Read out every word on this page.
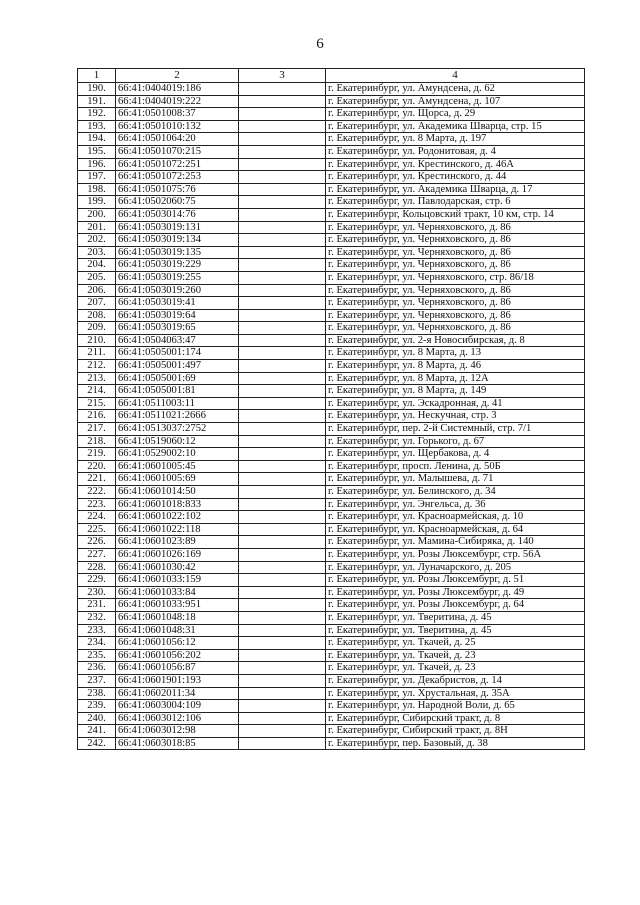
6
1	2	3	4
190.	66:41:0404019:186		г. Екатеринбург, ул. Амундсена, д. 62
191.	66:41:0404019:222		г. Екатеринбург, ул. Амундсена, д. 107
192.	66:41:0501008:37		г. Екатеринбург, ул. Щорса, д. 29
193.	66:41:0501010:132		г. Екатеринбург, ул. Академика Шварца, стр. 15
194.	66:41:0501064:20		г. Екатеринбург, ул. 8 Марта, д. 197
195.	66:41:0501070:215		г. Екатеринбург, ул. Родонитовая, д. 4
196.	66:41:0501072:251		г. Екатеринбург, ул. Крестинского, д. 46А
197.	66:41:0501072:253		г. Екатеринбург, ул. Крестинского, д. 44
198.	66:41:0501075:76		г. Екатеринбург, ул. Академика Шварца, д. 17
199.	66:41:0502060:75		г. Екатеринбург, ул. Павлодарская, стр. 6
200.	66:41:0503014:76		г. Екатеринбург, Кольцовский тракт, 10 км, стр. 14
201.	66:41:0503019:131		г. Екатеринбург, ул. Черняховского, д. 86
202.	66:41:0503019:134		г. Екатеринбург, ул. Черняховского, д. 86
203.	66:41:0503019:135		г. Екатеринбург, ул. Черняховского, д. 86
204.	66:41:0503019:229		г. Екатеринбург, ул. Черняховского, д. 86
205.	66:41:0503019:255		г. Екатеринбург, ул. Черняховского, стр. 86/18
206.	66:41:0503019:260		г. Екатеринбург, ул. Черняховского, д. 86
207.	66:41:0503019:41		г. Екатеринбург, ул. Черняховского, д. 86
208.	66:41:0503019:64		г. Екатеринбург, ул. Черняховского, д. 86
209.	66:41:0503019:65		г. Екатеринбург, ул. Черняховского, д. 86
210.	66:41:0504063:47		г. Екатеринбург, ул. 2-я Новосибирская, д. 8
211.	66:41:0505001:174		г. Екатеринбург, ул. 8 Марта, д. 13
212.	66:41:0505001:497		г. Екатеринбург, ул. 8 Марта, д. 46
213.	66:41:0505001:69		г. Екатеринбург, ул. 8 Марта, д. 12А
214.	66:41:0505001:81		г. Екатеринбург, ул. 8 Марта, д. 149
215.	66:41:0511003:11		г. Екатеринбург, ул. Эскадронная, д. 41
216.	66:41:0511021:2666		г. Екатеринбург, ул. Нескучная, стр. 3
217.	66:41:0513037:2752		г. Екатеринбург, пер. 2-й Системный, стр. 7/1
218.	66:41:0519060:12		г. Екатеринбург, ул. Горького, д. 67
219.	66:41:0529002:10		г. Екатеринбург, ул. Щербакова, д. 4
220.	66:41:0601005:45		г. Екатеринбург, просп. Ленина, д. 50Б
221.	66:41:0601005:69		г. Екатеринбург, ул. Малышева, д. 71
222.	66:41:0601014:50		г. Екатеринбург, ул. Белинского, д. 34
223.	66:41:0601018:833		г. Екатеринбург, ул. Энгельса, д. 36
224.	66:41:0601022:102		г. Екатеринбург, ул. Красноармейская, д. 10
225.	66:41:0601022:118		г. Екатеринбург, ул. Красноармейская, д. 64
226.	66:41:0601023:89		г. Екатеринбург, ул. Мамина-Сибиряка, д. 140
227.	66:41:0601026:169		г. Екатеринбург, ул. Розы Люксембург, стр. 56А
228.	66:41:0601030:42		г. Екатеринбург, ул. Луначарского, д. 205
229.	66:41:0601033:159		г. Екатеринбург, ул. Розы Люксембург, д. 51
230.	66:41:0601033:84		г. Екатеринбург, ул. Розы Люксембург, д. 49
231.	66:41:0601033:951		г. Екатеринбург, ул. Розы Люксембург, д. 64
232.	66:41:0601048:18		г. Екатеринбург, ул. Тверитина, д. 45
233.	66:41:0601048:31		г. Екатеринбург, ул. Тверитина, д. 45
234.	66:41:0601056:12		г. Екатеринбург, ул. Ткачей, д. 25
235.	66:41:0601056:202		г. Екатеринбург, ул. Ткачей, д. 23
236.	66:41:0601056:87		г. Екатеринбург, ул. Ткачей, д. 23
237.	66:41:0601901:193		г. Екатеринбург, ул. Декабристов, д. 14
238.	66:41:0602011:34		г. Екатеринбург, ул. Хрустальная, д. 35А
239.	66:41:0603004:109		г. Екатеринбург, ул. Народной Воли, д. 65
240.	66:41:0603012:106		г. Екатеринбург, Сибирский тракт, д. 8
241.	66:41:0603012:98		г. Екатеринбург, Сибирский тракт, д. 8Н
242.	66:41:0603018:85		г. Екатеринбург, пер. Базовый, д. 38
